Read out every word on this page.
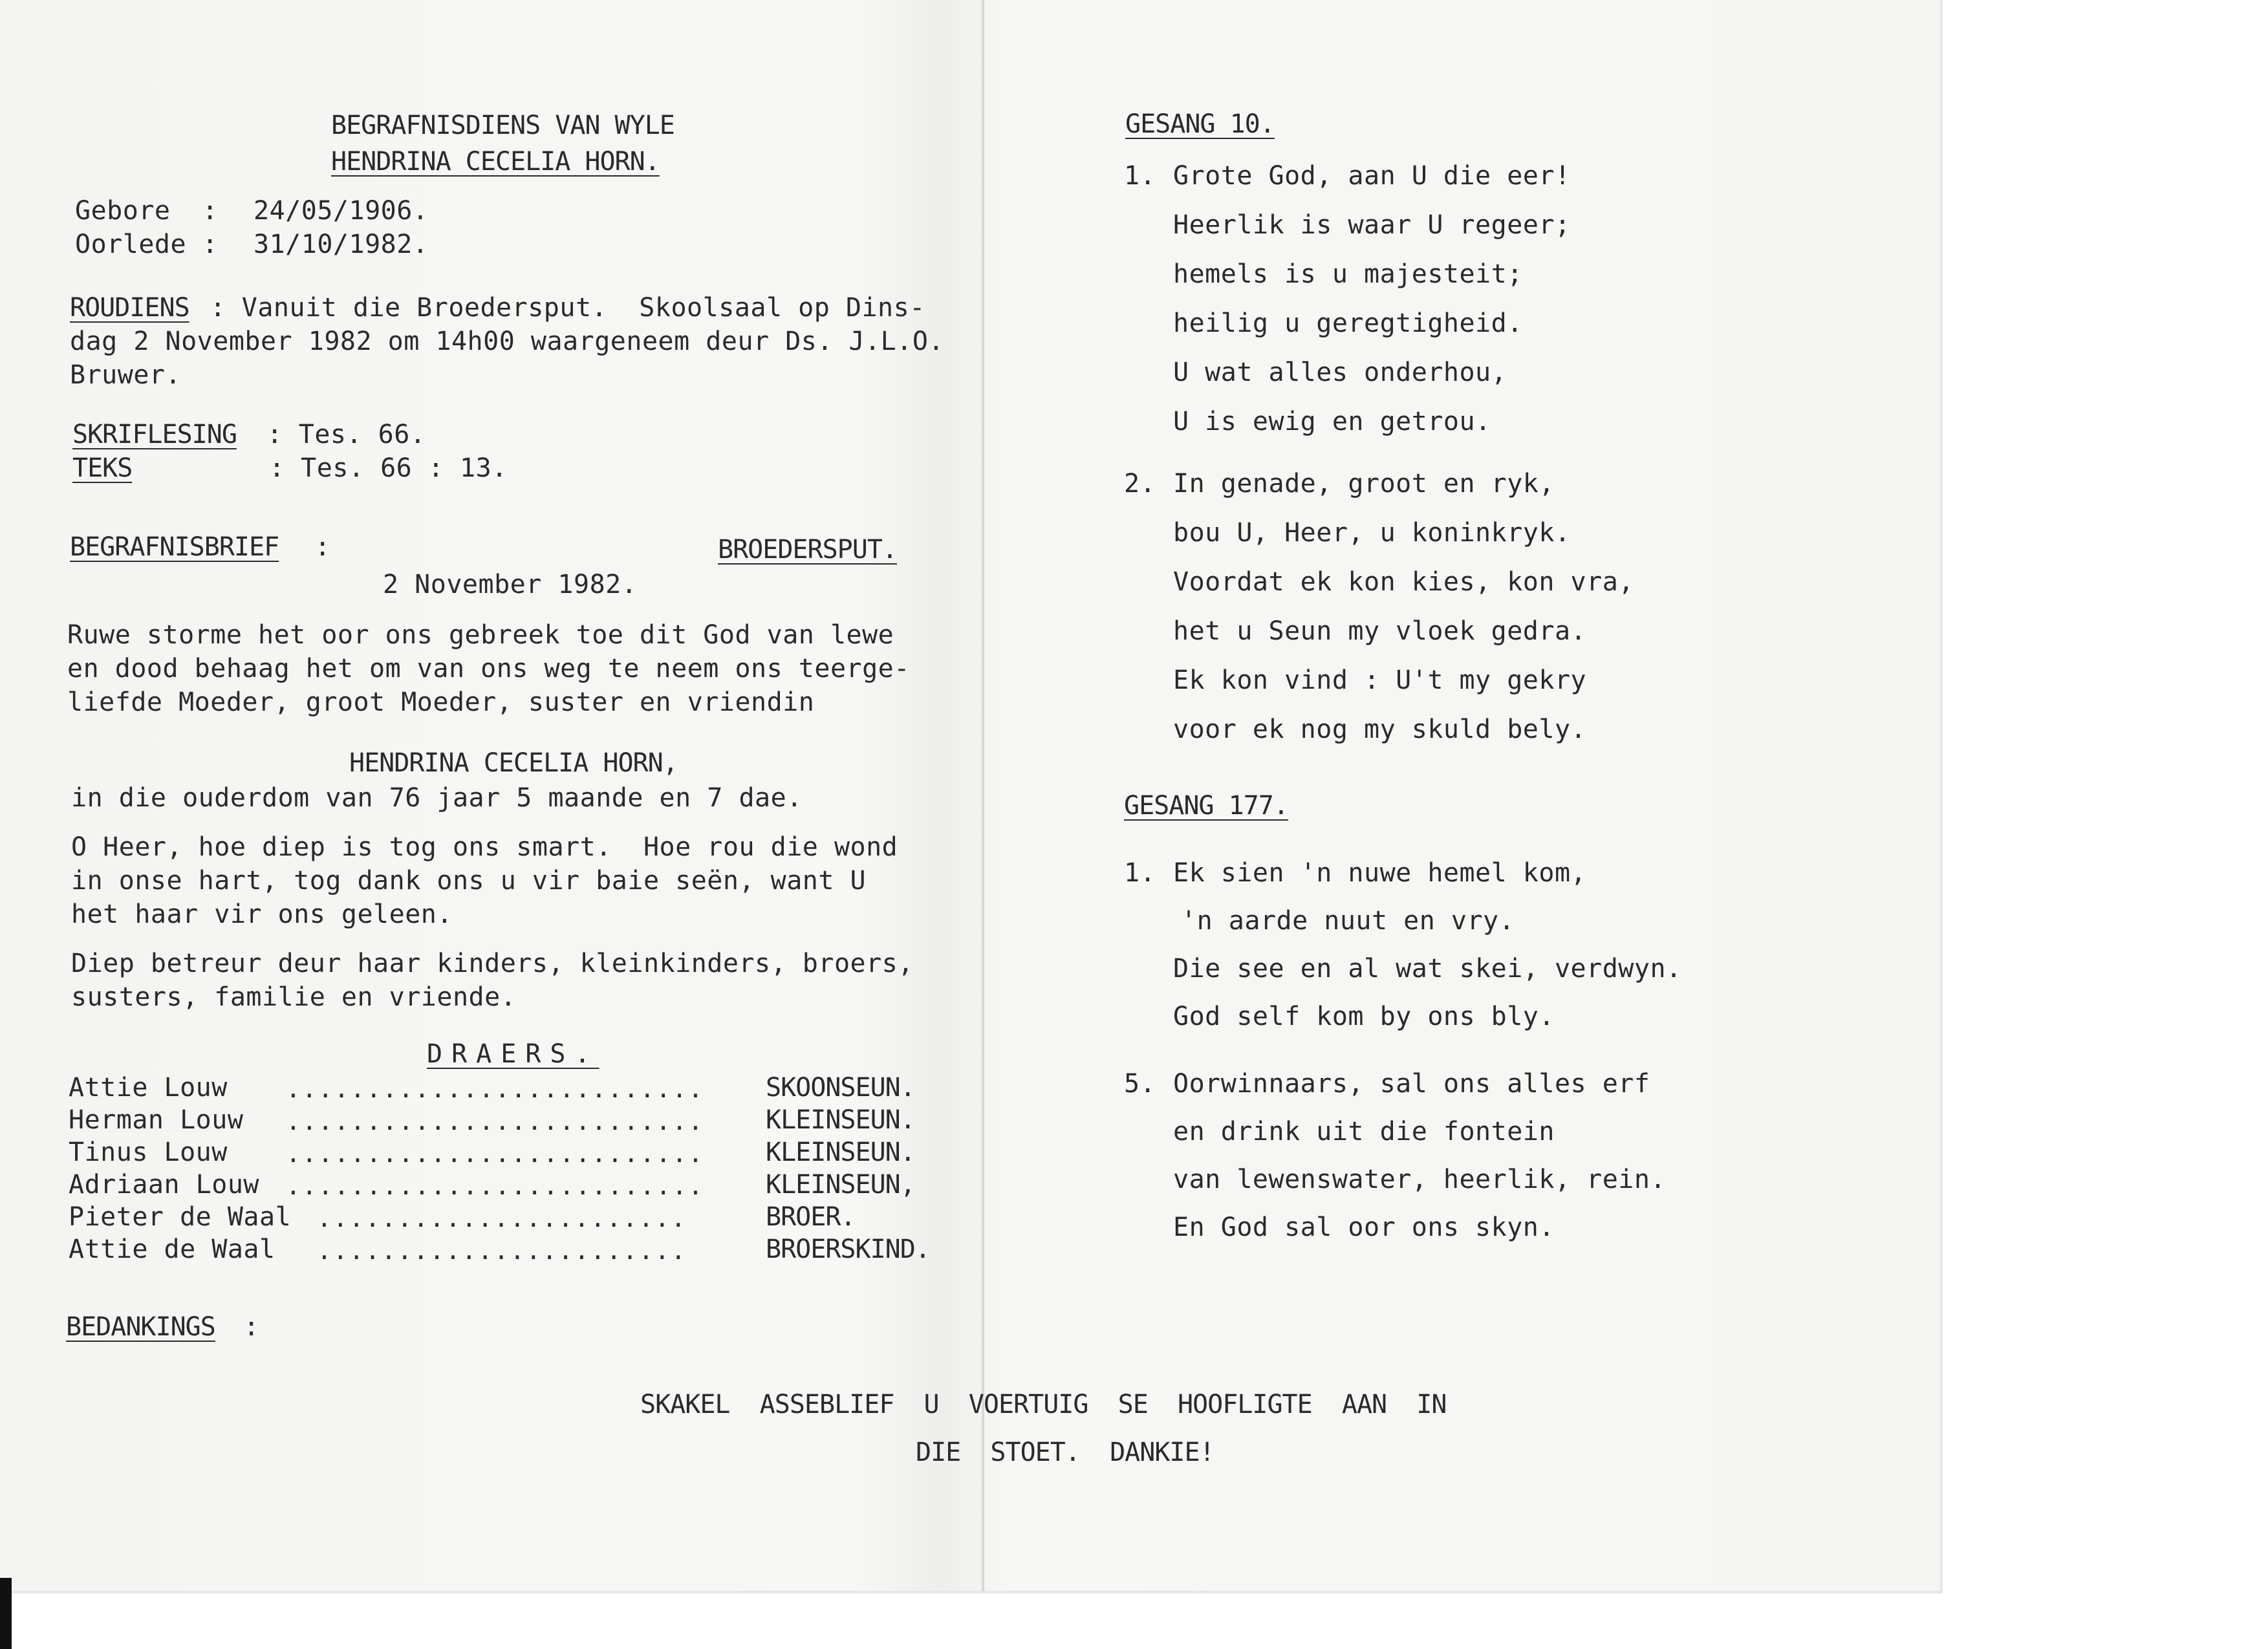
BEGRAFNISDIENS VAN WYLE
HENDRINA CECELIA HORN.
Gebore  : 24/05/1906.
Oorlede : 31/10/1982.
ROUDIENS : Vanuit die Broedersput.  Skoolsaal op Dins-
dag 2 November 1982 om 14h00 waargeneem deur Ds. J.L.O.
Bruwer.
SKRIFLESING : Tes. 66.
TEKS	: Tes. 66 : 13.
BEGRAFNISBRIEF :	BROEDERSPUT.
2 November 1982.
Ruwe storme het oor ons gebreek toe dit God van lewe
en dood behaag het om van ons weg te neem ons teerge-
liefde Moeder, groot Moeder, suster en vriendin
HENDRINA CECELIA HORN,
in die ouderdom van 76 jaar 5 maande en 7 dae.
O Heer, hoe diep is tog ons smart.  Hoe rou die wond
in onse hart, tog dank ons u vir baie seën, want U
het haar vir ons geleen.
Diep betreur deur haar kinders, kleinkinders, broers,
susters, familie en vriende.
DRAERS.
Attie Louw .......................... SKOONSEUN.
Herman Louw .......................... KLEINSEUN.
Tinus Louw .......................... KLEINSEUN.
Adriaan Louw .......................... KLEINSEUN,
Pieter de Waal .......................	BROER.
Attie de Waal .......................	BROERSKIND.
BEDANKINGS :
GESANG 10.
1. Grote God, aan U die eer!
Heerlik is waar U regeer;
hemels is u majesteit;
heilig u geregtigheid.
U wat alles onderhou,
U is ewig en getrou.
2. In genade, groot en ryk,
bou U, Heer, u koninkryk.
Voordat ek kon kies, kon vra,
het u Seun my vloek gedra.
Ek kon vind : U't my gekry
voor ek nog my skuld bely.
GESANG 177.
1. Ek sien 'n nuwe hemel kom,
'n aarde nuut en vry.
Die see en al wat skei, verdwyn.
God self kom by ons bly.
5. Oorwinnaars, sal ons alles erf
en drink uit die fontein
van lewenswater, heerlik, rein.
En God sal oor ons skyn.
SKAKEL  ASSEBLIEF  U  VOERTUIG  SE  HOOFLIGTE  AAN  IN
DIE  STOET.  DANKIE!
